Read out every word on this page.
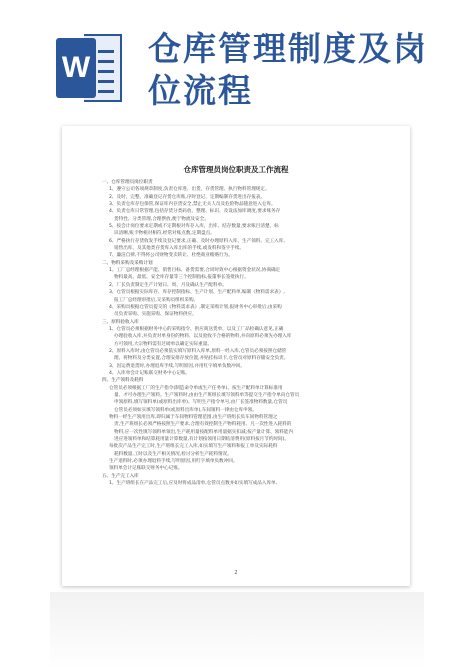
W 仓库管理制度及岗位流程
仓库管理员岗位职责及工作流程

一、仓库管理员岗位职责

1、遵守公司各项规章制度,负责仓库进、出货、存货管理、执行物料管理规定。

2、及时、完整、准确登记存货仓库账,序时登记、定期编制存货进出存报表。

3、负责仓库存包保管,保证库内存货安全,禁止无关人员及危险物品随意进入仓库。

4、负责仓库日常管理,包括存货分类码放、整理、标识、及设法加库调度,要求账务存

货特性、分类管理,合理摆放,便于物流及安全。

5、按会计岗位要求定期或不定期根对库存入库、出库、结存数量,要求账目清楚、标

识清晰,账卡物相对相符,经常对账点数,定期盘点。

6、严格执行存货收发手续及登记要求,正确、及时办理原料入库、生产领料、完工入库、

销售出库、及其他类存货库入库出库的手续,或发料和签字手续。

7、廉洁自律,不得将公司财物变卖转让、杜绝商业贿赂行为。

二、物料采购及采购计划

1、工厂总经理根据产能、销售目标、备货需要,合同时效中心根据资金状况,协商确定

物料最高、最低、安全库存量等三个控制指标,报董事长签批执行。

2、厂长负责制定生产计划日、周、月及确认生产配料单。

3、仓管员根据实际库存、库存控制指标、生产计划、生产配料单,编制《物料需求表》,

报工厂总经理审批后,交采购员组织采购。

4、采购员根据仓管员提交的《物料需求表》,制定采购计划,报财务中心审批后,由采购

员负责采购、实施采购、保证物料供应。

三、原料验收入库

1、仓管员必须根据财务中心的采购指令、供应商送货单、以及工厂品检确认意见,正确

办理验收入库,并负责对单身份的物料、以及验收不合格的物料,并向原料必须先办理入库

方可领用,大宗物料需有过磅单以确定实际重量。

2、原料入库时,由仓管员必须依实填写原料入库单,原料一经入库,仓管员必须按照仓储管

理、将物料及分类安置,合理安排存放位置,并贴挂标识卡,仓管员对原料存储安全负责。

3、因运费退货时,办理退库手续,写明原因,并用红字填单负数冲回。

4、入库单会计记账联交财务中心记账。

四、生产领料及耗料

仓管员必须根据工厂的生产指令(制造命令单或生产任务单)、按生产配料单计算标准用

量、才可办理生产领料。生产领料时,由由生产班组长填写领料单等提交生产指令单向仓管员

申领原料,填写领料单(或原料出库单)、写明生产指令单号,由厂长签准物料数量,仓管员

仓管员必须如实填写领料单(或原料出库单),车间领料一律由仓库申领。

物料一经生产领用出库,即归属于车间物料管理范围,由生产班组长负车间物料管理之

责,生产班组长必须严格按照生产要求,合理有效控制生产物料耗用。凡一次性进入耗料的

物料,应一次性填写领料单领出,生产耗用量按配料单用量据实扣减;按产量计算、领料能内

进应进领料单和结算耗用量计算数量,有计划按领用日期结清费用(原料按月节约时间)。

每批次产品生产完工时,生产班组长完工入库,如实填写生产领料和报工单及实际耗料

耗料数量,工时以及生产相关情况,检讨分析生产耗料情况。

生产退料时,必须办理退料手续,写明原因,用红字填单负数冲回。

领料单会计记账联交财务中心记账。

五、生产完工入库

1、生产班组长在产品完工后,应及时将成品清单,仓管员点数并如实填写成品入库单,

2
